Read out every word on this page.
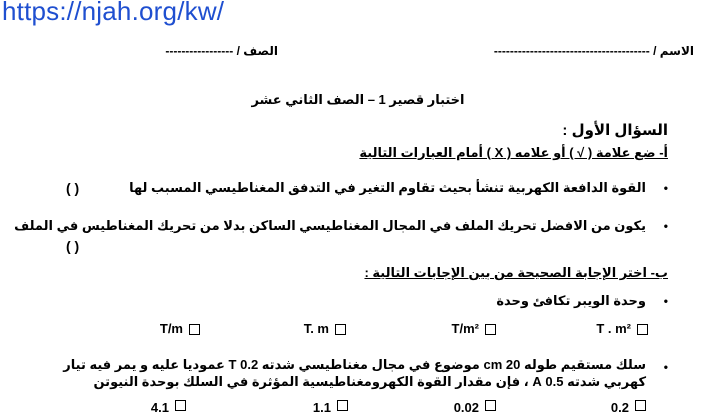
https://njah.org/kw/
الاسم / ---------------------------------------
الصف / -----------------
اختبار قصير 1 – الصف الثاني عشر
السؤال الأول :
أ- ضع علامة ( √ ) أو علامه ( X ) أمام العبارات التالية
•
القوة الدافعة الكهربية تنشأ بحيث تقاوم التغير في التدفق المغناطيسي المسبب لها
( )
•
يكون من الافضل تحريك الملف في المجال المغناطيسي الساكن بدلا من تحريك المغناطيس في الملف
( )
ب- اختر الإجابة الصحيحة من بين الإجابات التالية :
•
وحدة الويبر تكافئ وحدة
T . m²
T/m²
T. m
T/m
•
سلك مستقيم طوله 20 cm موضوع في مجال مغناطيسي شدته 0.2 T عموديا عليه و يمر فيه تيار
كهربي شدته 0.5 A ، فإن مقدار القوة الكهرومغناطيسية المؤثرة في السلك بوحدة النيوتن
0.2
0.02
1.1
4.1
